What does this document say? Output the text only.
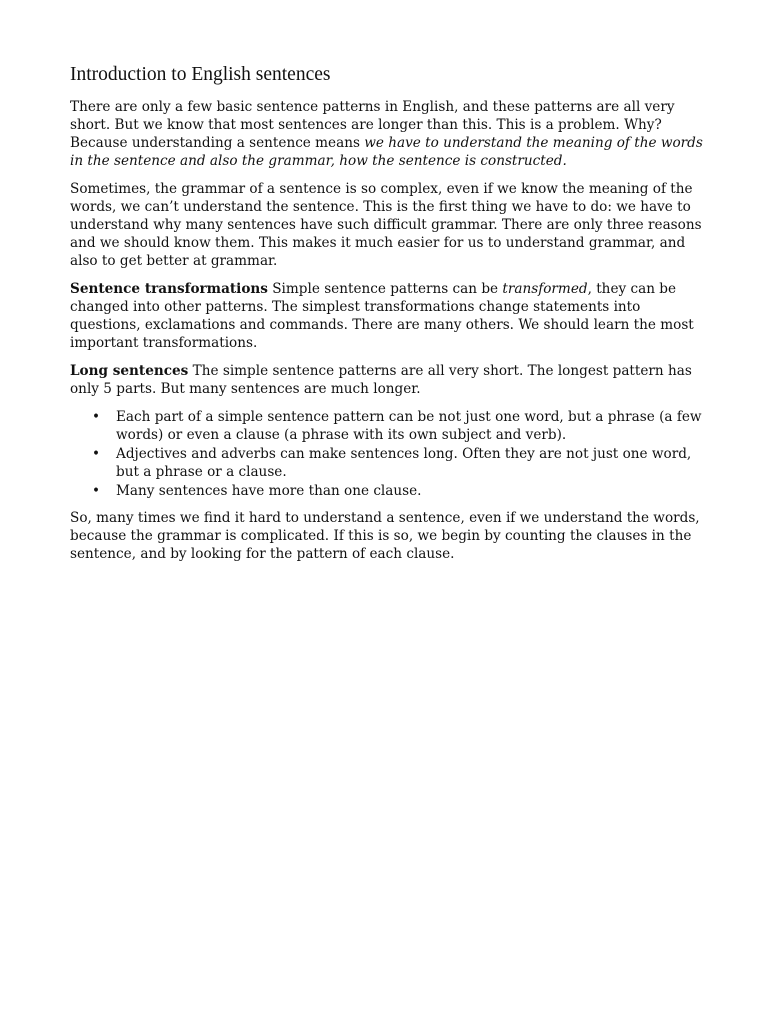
Introduction to English sentences

There are only a few basic sentence patterns in English, and these patterns are all very short. But we know that most sentences are longer than this. This is a problem. Why? Because understanding a sentence means we have to understand the meaning of the words in the sentence and also the grammar, how the sentence is constructed.

Sometimes, the grammar of a sentence is so complex, even if we know the meaning of the words, we can’t understand the sentence. This is the first thing we have to do: we have to understand why many sentences have such difficult grammar. There are only three reasons and we should know them. This makes it much easier for us to understand grammar, and also to get better at grammar.

Sentence transformations Simple sentence patterns can be transformed, they can be changed into other patterns. The simplest transformations change statements into questions, exclamations and commands. There are many others. We should learn the most important transformations.

Long sentences The simple sentence patterns are all very short. The longest pattern has only 5 parts. But many sentences are much longer.

• Each part of a simple sentence pattern can be not just one word, but a phrase (a few words) or even a clause (a phrase with its own subject and verb).
• Adjectives and adverbs can make sentences long. Often they are not just one word, but a phrase or a clause.
• Many sentences have more than one clause.

So, many times we find it hard to understand a sentence, even if we understand the words, because the grammar is complicated. If this is so, we begin by counting the clauses in the sentence, and by looking for the pattern of each clause.
